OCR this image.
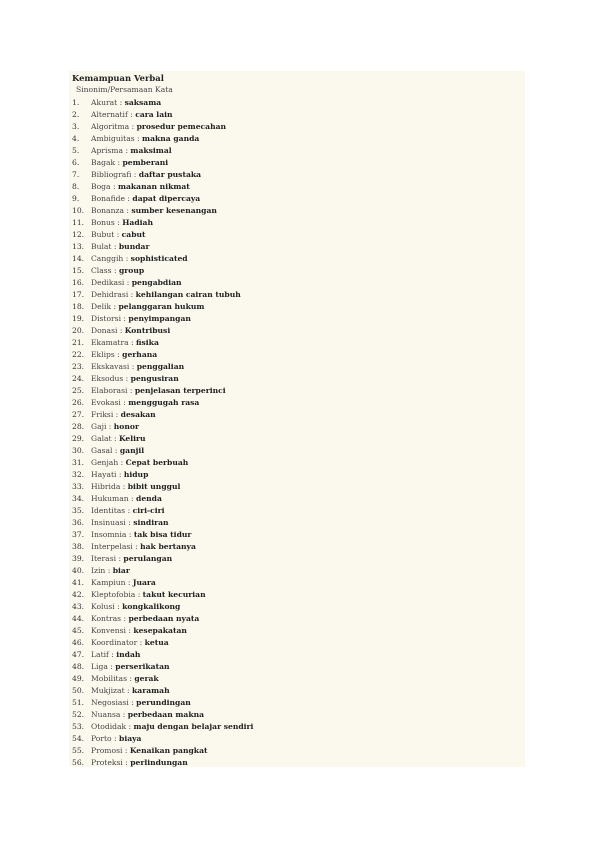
Kemampuan Verbal
Sinonim/Persamaan Kata
1.	Akurat : saksama
2.	Alternatif : cara lain
3.	Algoritma : prosedur pemecahan
4.	Ambiguitas : makna ganda
5.	Aprisma : maksimal
6.	Bagak : pemberani
7.	Bibliografi : daftar pustaka
8.	Boga : makanan nikmat
9.	Bonafide : dapat dipercaya
10. Bonanza : sumber kesenangan
11. Bonus : Hadiah
12. Bubut : cabut
13. Bulat : bundar
14. Canggih : sophisticated
15. Class : group
16. Dedikasi : pengabdian
17. Dehidrasi : kehilangan cairan tubuh
18. Delik : pelanggaran hukum
19. Distorsi : penyimpangan
20. Donasi : Kontribusi
21. Ekamatra : fisika
22. Eklips : gerhana
23. Ekskavasi : penggalian
24. Eksodus : pengusiran
25. Elaborasi : penjelasan terperinci
26. Evokasi : menggugah rasa
27. Friksi : desakan
28. Gaji : honor
29. Galat : Keliru
30. Gasal : ganjil
31. Genjah : Cepat berbuah
32. Hayati : hidup
33. Hibrida : bibit unggul
34. Hukuman : denda
35. Identitas : ciri-ciri
36. Insinuasi : sindiran
37. Insomnia : tak bisa tidur
38. Interpelasi : hak bertanya
39. Iterasi : perulangan
40. Izin : biar
41. Kampiun : Juara
42. Kleptofobia : takut kecurian
43. Kolusi : kongkalikong
44. Kontras : perbedaan nyata
45. Konvensi : kesepakatan
46. Koordinator : ketua
47. Latif : indah
48. Liga : perserikatan
49. Mobilitas : gerak
50. Mukjizat : karamah
51. Negosiasi : perundingan
52. Nuansa : perbedaan makna
53. Otodidak : maju dengan belajar sendiri
54. Porto : biaya
55. Promosi : Kenaikan pangkat
56. Proteksi : perlindungan
